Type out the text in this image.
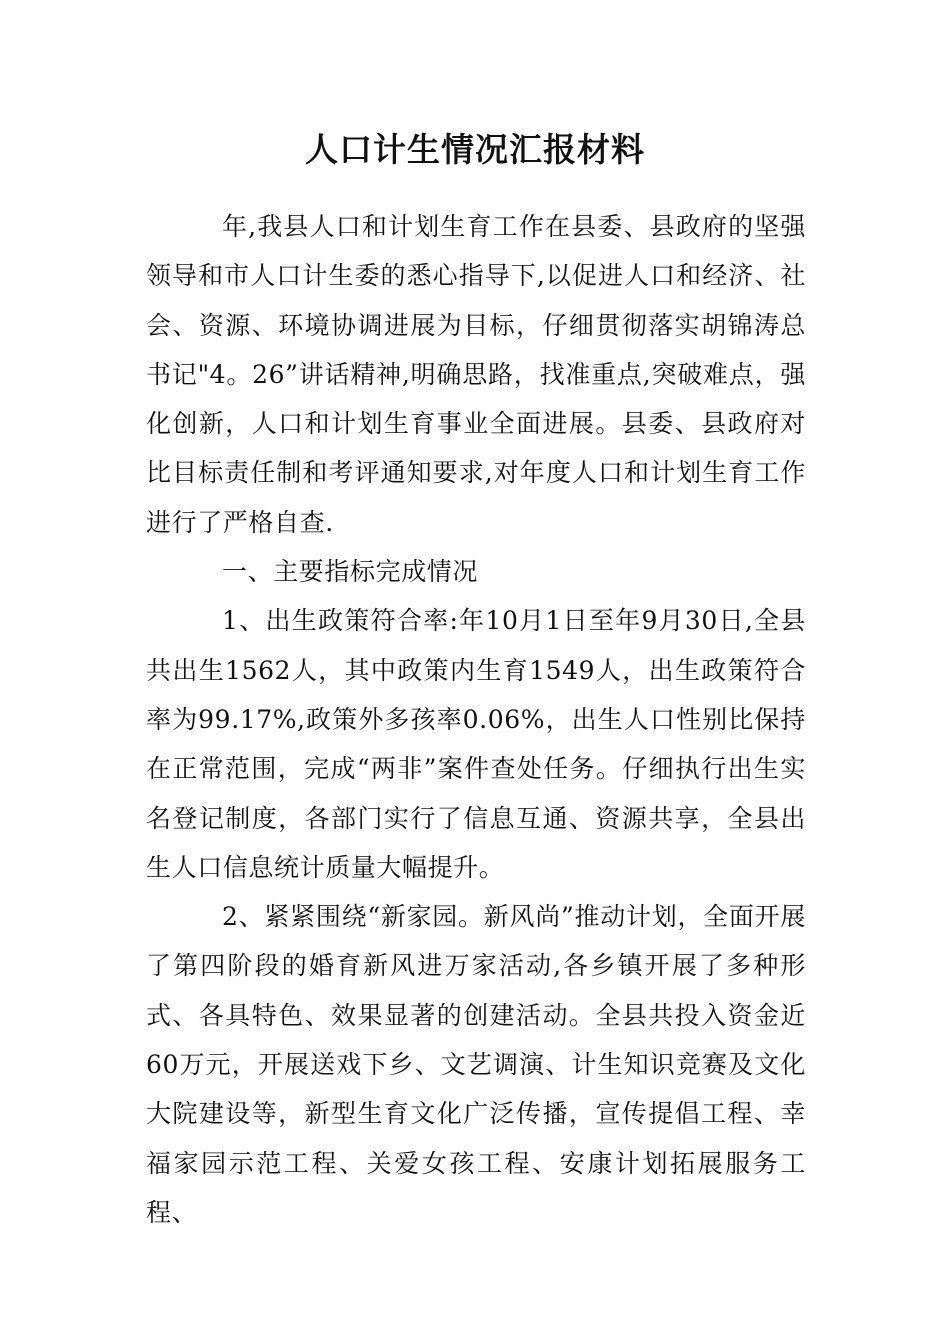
人口计生情况汇报材料

年,我县人口和计划生育工作在县委、县政府的坚强领导和市人口计生委的悉心指导下,以促进人口和经济、社会、资源、环境协调进展为目标，仔细贯彻落实胡锦涛总书记"4。26”讲话精神,明确思路，找准重点,突破难点，强化创新，人口和计划生育事业全面进展。县委、县政府对比目标责任制和考评通知要求,对年度人口和计划生育工作进行了严格自查.

一、主要指标完成情况

1、出生政策符合率:年10月1日至年9月30日,全县共出生1562人，其中政策内生育1549人，出生政策符合率为99.17%,政策外多孩率0.06%，出生人口性别比保持在正常范围，完成“两非”案件查处任务。仔细执行出生实名登记制度，各部门实行了信息互通、资源共享，全县出生人口信息统计质量大幅提升。

2、紧紧围绕“新家园。新风尚”推动计划，全面开展了第四阶段的婚育新风进万家活动,各乡镇开展了多种形式、各具特色、效果显著的创建活动。全县共投入资金近60万元，开展送戏下乡、文艺调演、计生知识竞赛及文化大院建设等，新型生育文化广泛传播，宣传提倡工程、幸福家园示范工程、关爱女孩工程、安康计划拓展服务工程、
